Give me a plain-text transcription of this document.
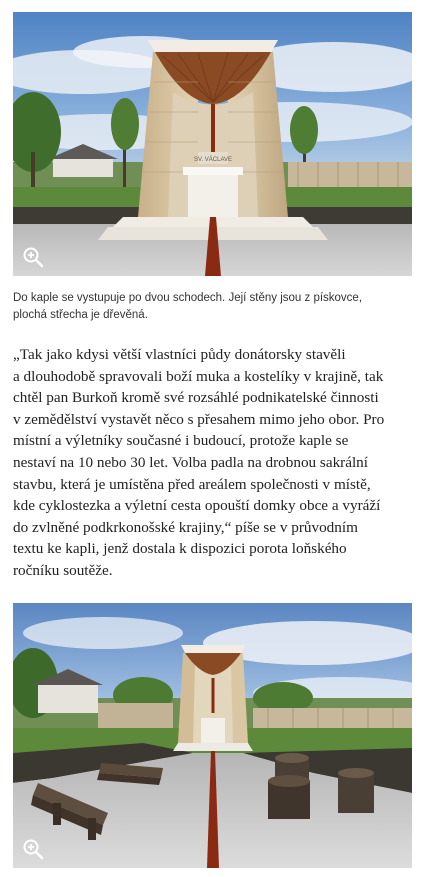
SV. VÁCLAVE
Do kaple se vystupuje po dvou schodech. Její stěny jsou z pískovce,
plochá střecha je dřevěná.
„Tak jako kdysi větší vlastníci půdy donátorsky stavěli
a dlouhodobě spravovali boží muka a kostelíky v krajině, tak
chtěl pan Burkoň kromě své rozsáhlé podnikatelské činnosti
v zemědělství vystavět něco s přesahem mimo jeho obor. Pro
místní a výletníky současné i budoucí, protože kaple se
nestaví na 10 nebo 30 let. Volba padla na drobnou sakrální
stavbu, která je umístěna před areálem společnosti v místě,
kde cyklostezka a výletní cesta opouští domky obce a vyráží
do zvlněné podkrkonošské krajiny,“ píše se v průvodním
textu ke kapli, jenž dostala k dispozici porota loňského
ročníku soutěže.
